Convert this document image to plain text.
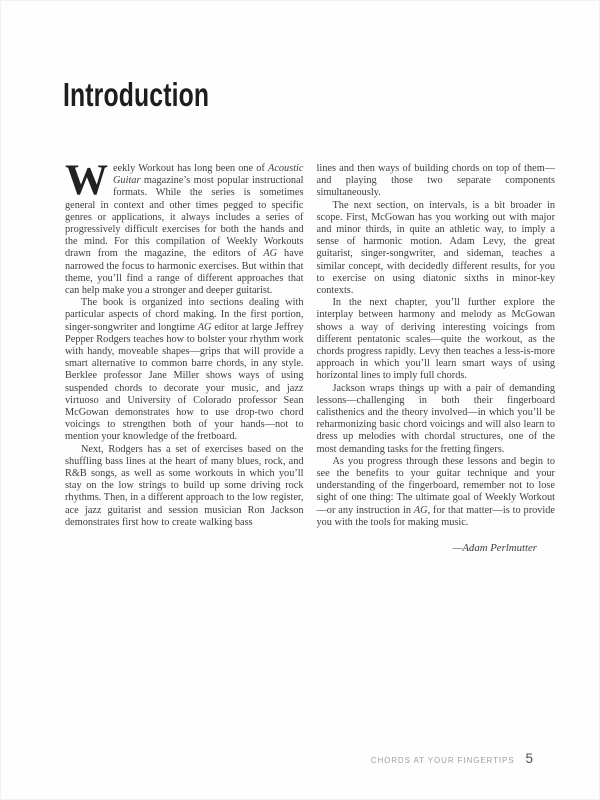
Introduction

Weekly Workout has long been one of Acoustic Guitar magazine’s most popular instructional formats. While the series is sometimes general in context and other times pegged to specific genres or applications, it always includes a series of progressively difficult exercises for both the hands and the mind. For this compilation of Weekly Workouts drawn from the magazine, the editors of AG have narrowed the focus to harmonic exercises. But within that theme, you’ll find a range of different approaches that can help make you a stronger and deeper guitarist.

The book is organized into sections dealing with particular aspects of chord making. In the first portion, singer-songwriter and longtime AG editor at large Jeffrey Pepper Rodgers teaches how to bolster your rhythm work with handy, moveable shapes—grips that will provide a smart alternative to common barre chords, in any style. Berklee professor Jane Miller shows ways of using suspended chords to decorate your music, and jazz virtuoso and University of Colorado professor Sean McGowan demonstrates how to use drop-two chord voicings to strengthen both of your hands—not to mention your knowledge of the fretboard.

Next, Rodgers has a set of exercises based on the shuffling bass lines at the heart of many blues, rock, and R&B songs, as well as some workouts in which you’ll stay on the low strings to build up some driving rock rhythms. Then, in a different approach to the low register, ace jazz guitarist and session musician Ron Jackson demonstrates first how to create walking bass

lines and then ways of building chords on top of them—and playing those two separate components simultaneously.

The next section, on intervals, is a bit broader in scope. First, McGowan has you working out with major and minor thirds, in quite an athletic way, to imply a sense of harmonic motion. Adam Levy, the great guitarist, singer-songwriter, and sideman, teaches a similar concept, with decidedly different results, for you to exercise on using diatonic sixths in minor-key contexts.

In the next chapter, you’ll further explore the interplay between harmony and melody as McGowan shows a way of deriving interesting voicings from different pentatonic scales—quite the workout, as the chords progress rapidly. Levy then teaches a less-is-more approach in which you’ll learn smart ways of using horizontal lines to imply full chords.

Jackson wraps things up with a pair of demanding lessons—challenging in both their fingerboard calisthenics and the theory involved—in which you’ll be reharmonizing basic chord voicings and will also learn to dress up melodies with chordal structures, one of the most demanding tasks for the fretting fingers.

As you progress through these lessons and begin to see the benefits to your guitar technique and your understanding of the fingerboard, remember not to lose sight of one thing: The ultimate goal of Weekly Workout—or any instruction in AG, for that matter—is to provide you with the tools for making music.

—Adam Perlmutter
CHORDS AT YOUR FINGERTIPS 5
